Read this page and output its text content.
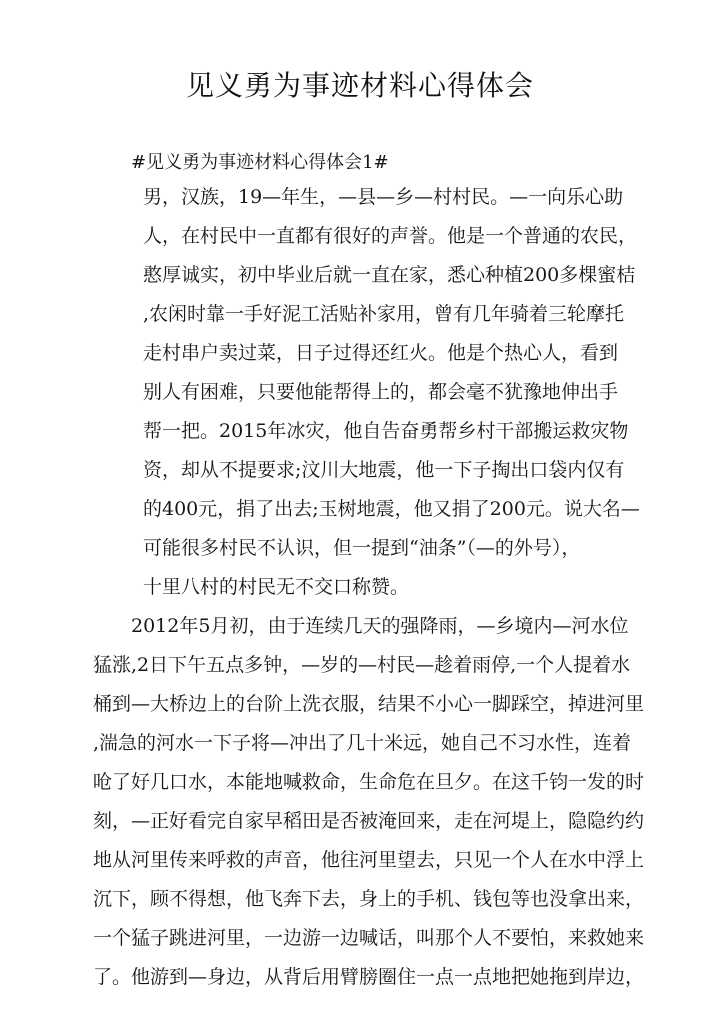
见义勇为事迹材料心得体会
#见义勇为事迹材料心得体会1#
男，汉族，19—年生，—县—乡—村村民。—一向乐心助
人，在村民中一直都有很好的声誉。他是一个普通的农民，
憨厚诚实，初中毕业后就一直在家，悉心种植200多棵蜜桔
,农闲时靠一手好泥工活贴补家用，曾有几年骑着三轮摩托
走村串户卖过菜，日子过得还红火。他是个热心人，看到
别人有困难，只要他能帮得上的，都会毫不犹豫地伸出手
帮一把。2015年冰灾，他自告奋勇帮乡村干部搬运救灾物
资，却从不提要求;汶川大地震，他一下子掏出口袋内仅有
的400元，捐了出去;玉树地震，他又捐了200元。说大名—
可能很多村民不认识，但一提到“油条”（—的外号），
十里八村的村民无不交口称赞。
2012年5月初，由于连续几天的强降雨，—乡境内—河水位
猛涨,2日下午五点多钟，—岁的—村民—趁着雨停,一个人提着水
桶到—大桥边上的台阶上洗衣服，结果不小心一脚踩空，掉进河里
,湍急的河水一下子将—冲出了几十米远，她自己不习水性，连着
呛了好几口水，本能地喊救命，生命危在旦夕。在这千钧一发的时
刻，—正好看完自家早稻田是否被淹回来，走在河堤上，隐隐约约
地从河里传来呼救的声音，他往河里望去，只见一个人在水中浮上
沉下，顾不得想，他飞奔下去，身上的手机、钱包等也没拿出来，
一个猛子跳进河里，一边游一边喊话，叫那个人不要怕，来救她来
了。他游到—身边，从背后用臂膀圈住一点一点地把她拖到岸边，
